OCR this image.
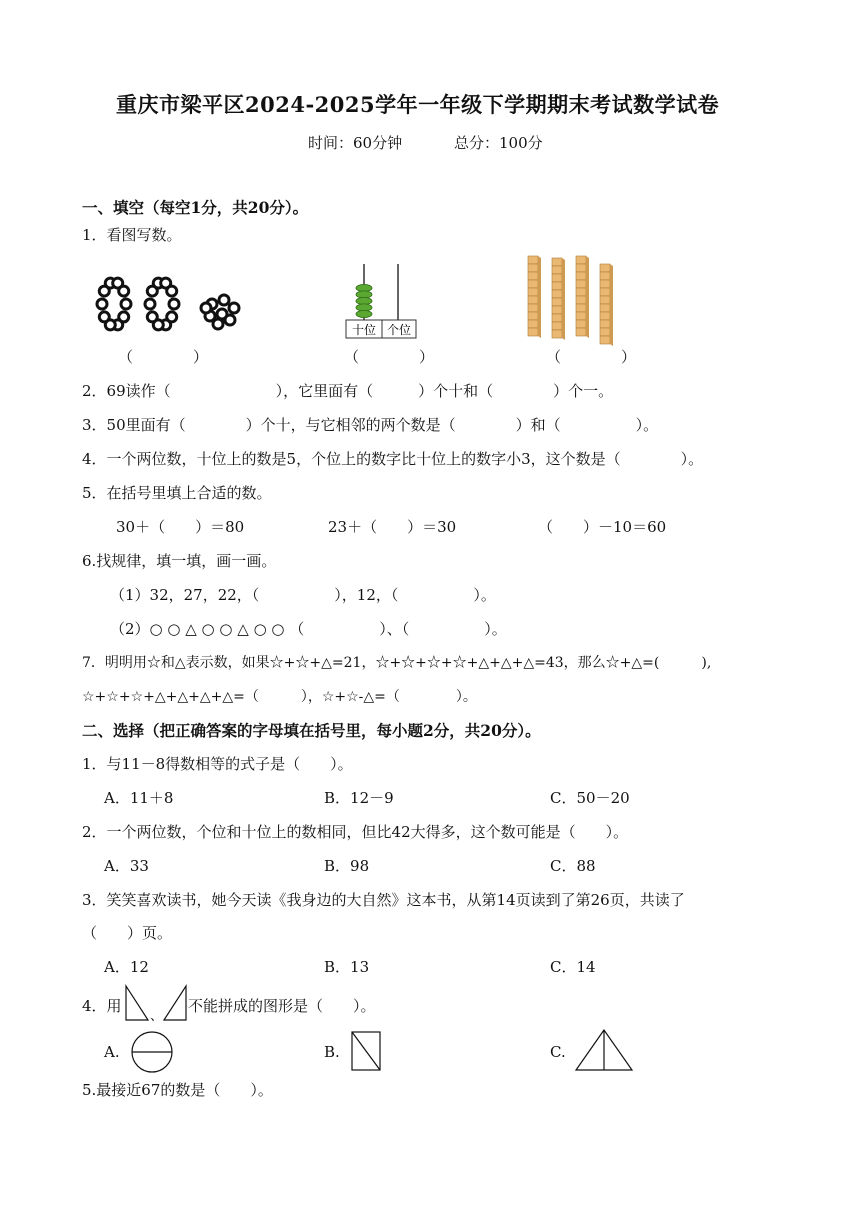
重庆市梁平区2024-2025学年一年级下学期期末考试数学试卷
时间：60分钟	总分：100分
一、填空（每空1分，共20分）。
1．看图写数。
十位 个位
（　　　　）	（　　　　）	（　　　　）
2．69读作（　　　　　　　），它里面有（　　　）个十和（　　　　）个一。
3．50里面有（　　　　）个十，与它相邻的两个数是（　　　　）和（　　　　　）。
4．一个两位数，十位上的数是5，个位上的数字比十位上的数字小3，这个数是（　　　　）。
5．在括号里填上合适的数。
30＋（　　）＝80	23＋（　　）＝30	（　　）－10＝60
6.找规律，填一填，画一画。
（1）32，27，22，（　　　　　），12，（　　　　　）。
（2）○ ○ △ ○ ○ △ ○ ○ （　　　　　）、（　　　　　）。
7．明明用☆和△表示数，如果☆+☆+△=21，☆+☆+☆+☆+△+△+△=43，那么☆+△=(　　　),
☆+☆+☆+△+△+△+△=（　　　），☆+☆-△=（　　　　）。
二、选择（把正确答案的字母填在括号里，每小题2分，共20分）。
1．与11－8得数相等的式子是（　　）。
A．11＋8	B．12－9	C．50－20
2．一个两位数，个位和十位上的数相同，但比42大得多，这个数可能是（　　）。
A．33	B．98	C．88
3．笑笑喜欢读书，她今天读《我身边的大自然》这本书，从第14页读到了第26页，共读了
（　　）页。
A．12	B．13	C．14
4．用
、
不能拼成的图形是（　　）。
A.	B.	C.
5.最接近67的数是（　　）。
